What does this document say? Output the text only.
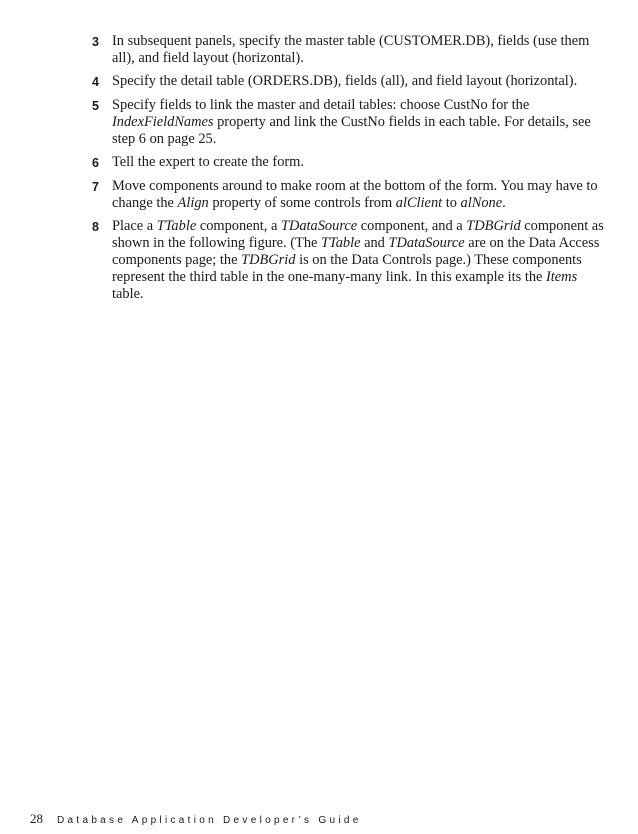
3 In subsequent panels, specify the master table (CUSTOMER.DB), fields (use them all), and field layout (horizontal).
4 Specify the detail table (ORDERS.DB), fields (all), and field layout (horizontal).
5 Specify fields to link the master and detail tables: choose CustNo for the IndexFieldNames property and link the CustNo fields in each table. For details, see step 6 on page 25.
6 Tell the expert to create the form.
7 Move components around to make room at the bottom of the form. You may have to change the Align property of some controls from alClient to alNone.
8 Place a TTable component, a TDataSource component, and a TDBGrid component as shown in the following figure. (The TTable and TDataSource are on the Data Access components page; the TDBGrid is on the Data Controls page.) These components represent the third table in the one-many-many link. In this example its the Items table.
28 Database Application Developer’s Guide
